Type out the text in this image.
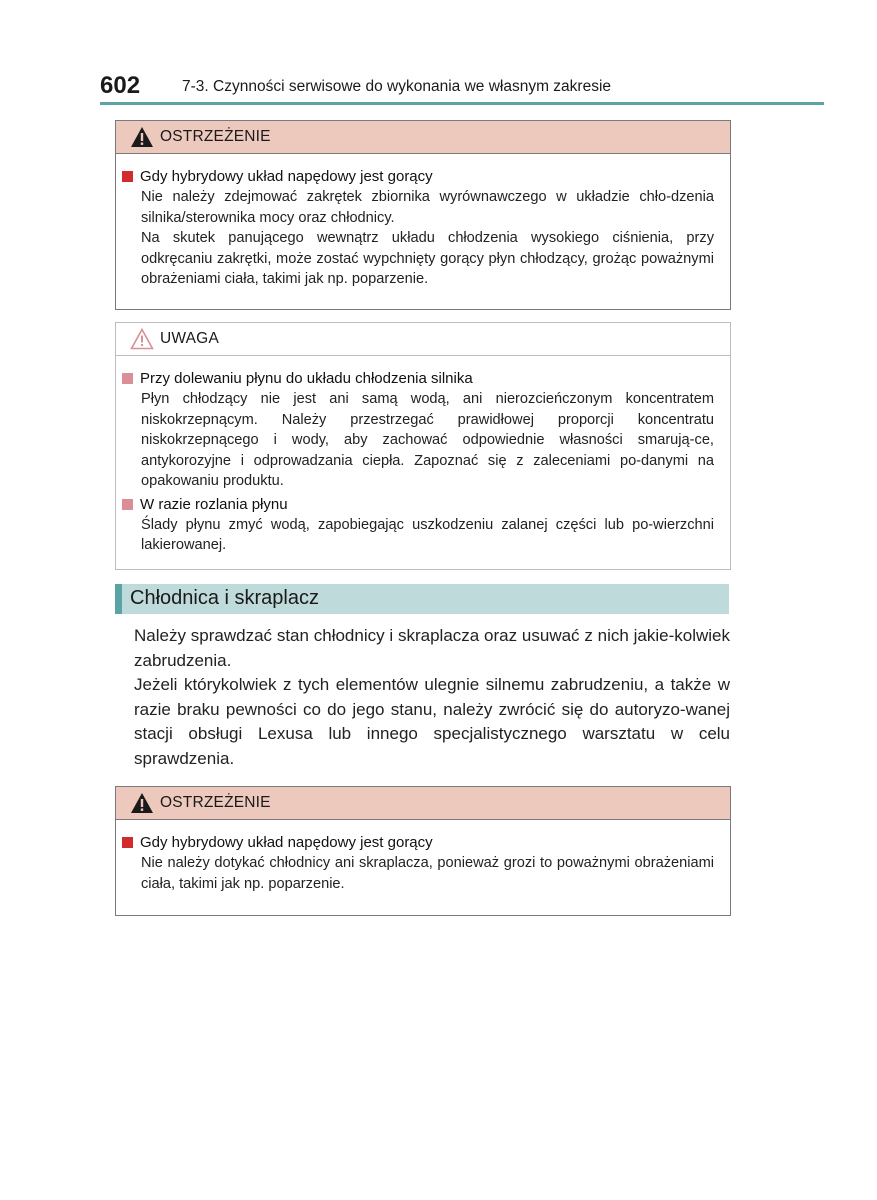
602	7-3. Czynności serwisowe do wykonania we własnym zakresie
OSTRZEŻENIE
Gdy hybrydowy układ napędowy jest gorący

Nie należy zdejmować zakrętek zbiornika wyrównawczego w układzie chło-dzenia silnika/sterownika mocy oraz chłodnicy.

Na skutek panującego wewnątrz układu chłodzenia wysokiego ciśnienia, przy odkręcaniu zakrętki, może zostać wypchnięty gorący płyn chłodzący, grożąc poważnymi obrażeniami ciała, takimi jak np. poparzenie.

UWAGA
Przy dolewaniu płynu do układu chłodzenia silnika

Płyn chłodzący nie jest ani samą wodą, ani nierozcieńczonym koncentratem niskokrzepnącym. Należy przestrzegać prawidłowej proporcji koncentratu niskokrzepnącego i wody, aby zachować odpowiednie własności smarują-ce, antykorozyjne i odprowadzania ciepła. Zapoznać się z zaleceniami po-danymi na opakowaniu produktu.

W razie rozlania płynu

Ślady płynu zmyć wodą, zapobiegając uszkodzeniu zalanej części lub po-wierzchni lakierowanej.

Chłodnica i skraplacz

Należy sprawdzać stan chłodnicy i skraplacza oraz usuwać z nich jakie-kolwiek zabrudzenia.

Jeżeli którykolwiek z tych elementów ulegnie silnemu zabrudzeniu, a także w razie braku pewności co do jego stanu, należy zwrócić się do autoryzo-wanej stacji obsługi Lexusa lub innego specjalistycznego warsztatu w celu sprawdzenia.

OSTRZEŻENIE
Gdy hybrydowy układ napędowy jest gorący

Nie należy dotykać chłodnicy ani skraplacza, ponieważ grozi to poważnymi obrażeniami ciała, takimi jak np. poparzenie.
